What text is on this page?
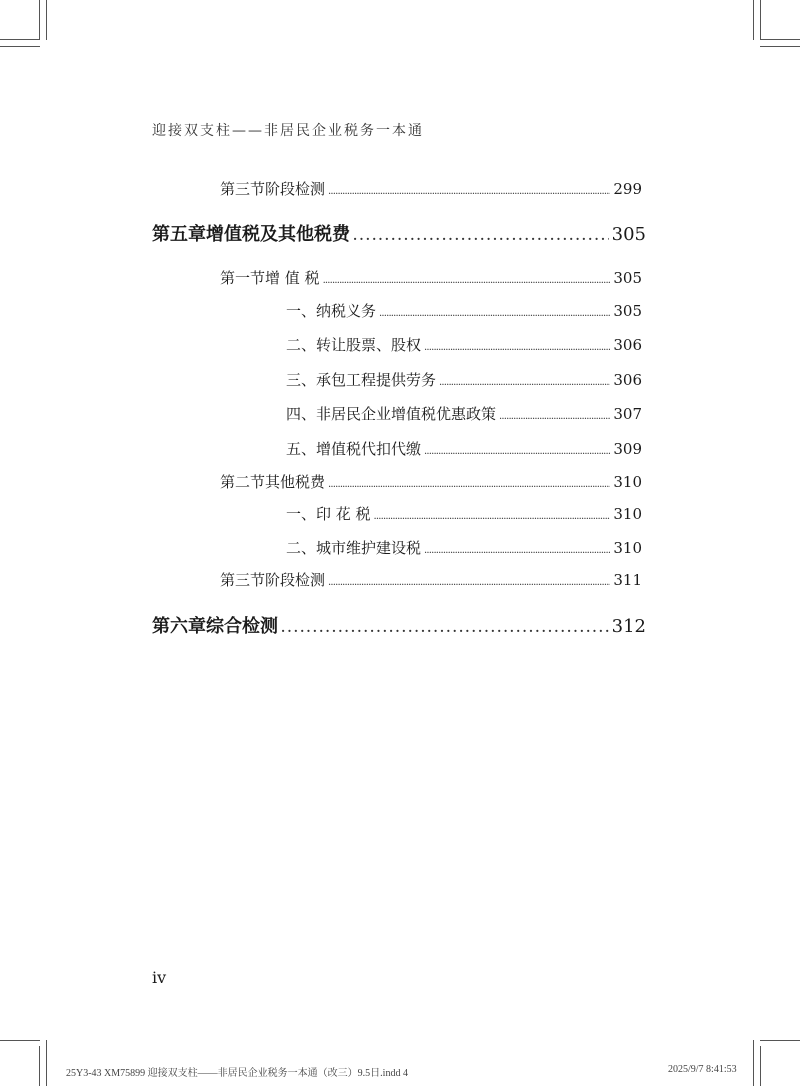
迎接双支柱——非居民企业税务一本通
第三节 阶段检测 . . .	299
第五章 增值税及其他税费 . . .	305
第一节 增 值 税 . . .	305
一、纳税义务 . . .	305
二、转让股票、股权 . . .	306
三、承包工程提供劳务 . . .	306
四、非居民企业增值税优惠政策 . . .	307
五、增值税代扣代缴 . . .	309
第二节 其他税费 . . .	310
一、印 花 税 . . .	310
二、城市维护建设税 . . .	310
第三节 阶段检测 . . .	311
第六章 综合检测 . . .	312
iv
25Y3-43 XM75899 迎接双支柱——非居民企业税务一本通（改三）9.5日.indd 4	2025/9/7 8:41:53
